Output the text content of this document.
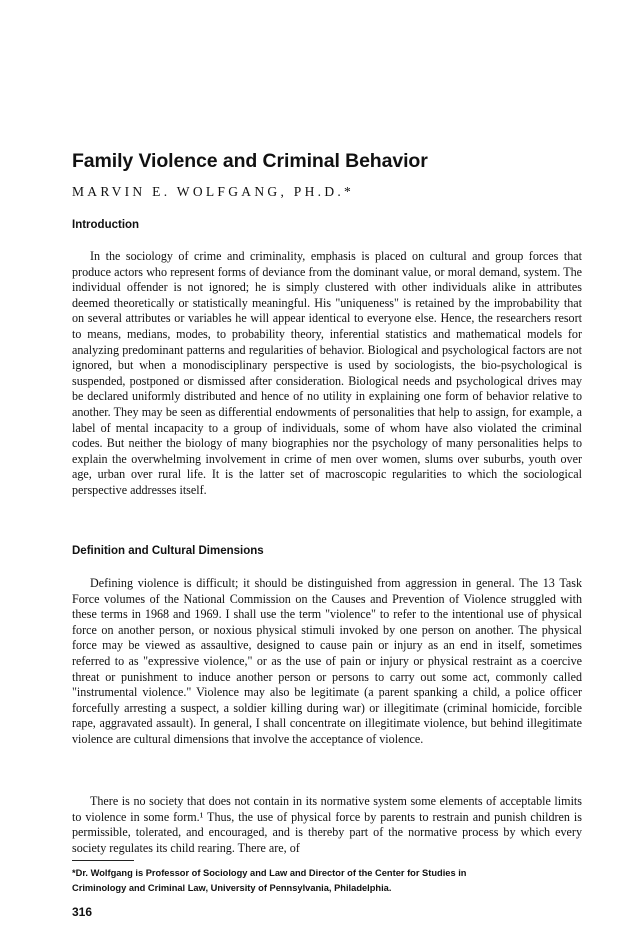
Family Violence and Criminal Behavior
MARVIN E. WOLFGANG, PH.D.*
Introduction

In the sociology of crime and criminality, emphasis is placed on cultural and group forces that produce actors who represent forms of deviance from the dominant value, or moral demand, system. The individual offender is not ignored; he is simply clustered with other individuals alike in attributes deemed theoretically or statistically meaningful. His "uniqueness" is retained by the improbability that on several attributes or variables he will appear identical to everyone else. Hence, the researchers resort to means, medians, modes, to probability theory, inferential statistics and mathematical models for analyzing predominant patterns and regularities of behavior. Biological and psychological factors are not ignored, but when a monodisciplinary perspective is used by sociologists, the bio-psychological is suspended, postponed or dismissed after consideration. Biological needs and psychological drives may be declared uniformly distributed and hence of no utility in explaining one form of behavior relative to another. They may be seen as differential endowments of personalities that help to assign, for example, a label of mental incapacity to a group of individuals, some of whom have also violated the criminal codes. But neither the biology of many biographies nor the psychology of many personalities helps to explain the overwhelming involvement in crime of men over women, slums over suburbs, youth over age, urban over rural life. It is the latter set of macroscopic regularities to which the sociological perspective addresses itself.

Definition and Cultural Dimensions

Defining violence is difficult; it should be distinguished from aggression in general. The 13 Task Force volumes of the National Commission on the Causes and Prevention of Violence struggled with these terms in 1968 and 1969. I shall use the term "violence" to refer to the intentional use of physical force on another person, or noxious physical stimuli invoked by one person on another. The physical force may be viewed as assaultive, designed to cause pain or injury as an end in itself, sometimes referred to as "expressive violence," or as the use of pain or injury or physical restraint as a coercive threat or punishment to induce another person or persons to carry out some act, commonly called "instrumental violence." Violence may also be legitimate (a parent spanking a child, a police officer forcefully arresting a suspect, a soldier killing during war) or illegitimate (criminal homicide, forcible rape, aggravated assault). In general, I shall concentrate on illegitimate violence, but behind illegitimate violence are cultural dimensions that involve the acceptance of violence.

There is no society that does not contain in its normative system some elements of acceptable limits to violence in some form.¹ Thus, the use of physical force by parents to restrain and punish children is permissible, tolerated, and encouraged, and is thereby part of the normative process by which every society regulates its child rearing. There are, of

*Dr. Wolfgang is Professor of Sociology and Law and Director of the Center for Studies in
Criminology and Criminal Law, University of Pennsylvania, Philadelphia.

316
